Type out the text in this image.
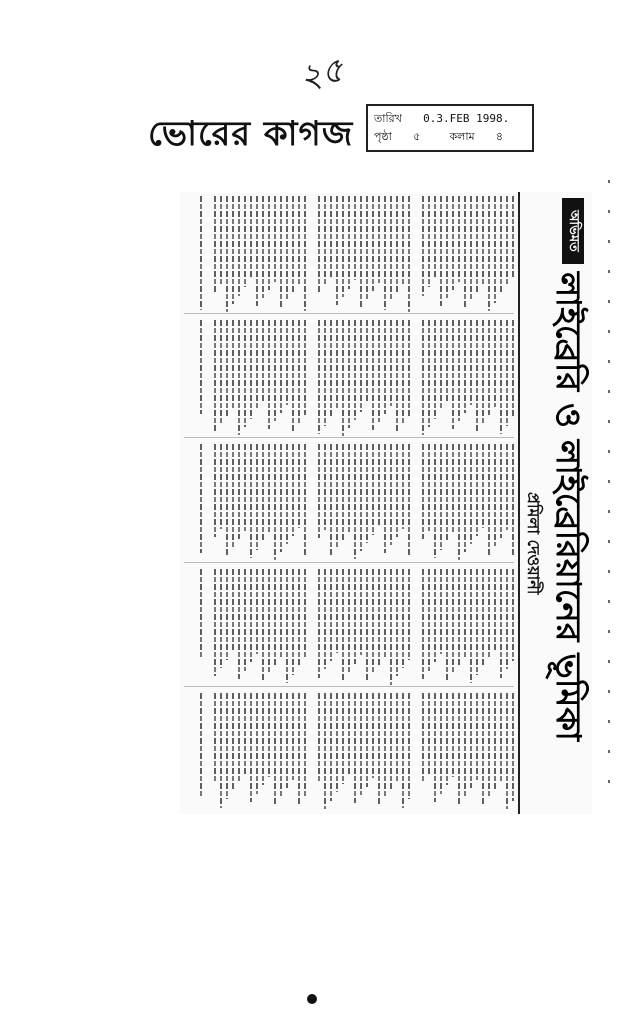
২৫
ভোরের কাগজ তারিখ 0.3.FEB 1998.
পৃষ্ঠা ৫	কলাম ৪
অভিমত
লাইব্রেরি ও লাইব্রেরিয়ানের ভূমিকা
প্রমিলা দেওয়ানী
